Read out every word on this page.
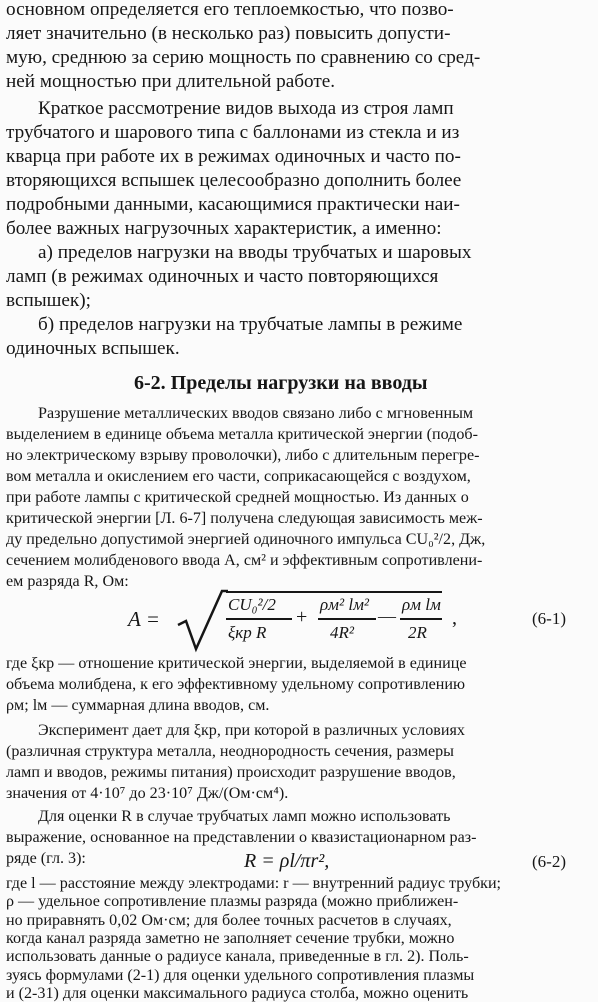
основном определяется его теплоемкостью, что позво-
ляет значительно (в несколько раз) повысить допусти-
мую, среднюю за серию мощность по сравнению со сред-
ней мощностью при длительной работе.
Краткое рассмотрение видов выхода из строя ламп
трубчатого и шарового типа с баллонами из стекла и из
кварца при работе их в режимах одиночных и часто по-
вторяющихся вспышек целесообразно дополнить более
подробными данными, касающимися практически наи-
более важных нагрузочных характеристик, а именно:
а) пределов нагрузки на вводы трубчатых и шаровых
ламп (в режимах одиночных и часто повторяющихся
вспышек);
б) пределов нагрузки на трубчатые лампы в режиме
одиночных вспышек.
6-2. Пределы нагрузки на вводы
Разрушение металлических вводов связано либо с мгновенным
выделением в единице объема металла критической энергии (подоб-
но электрическому взрыву проволочки), либо с длительным перегре-
вом металла и окислением его части, соприкасающейся с воздухом,
при работе лампы с критической средней мощностью. Из данных о
критической энергии [Л. 6-7] получена следующая зависимость меж-
ду предельно допустимой энергией одиночного импульса CU₀²/2, Дж,
сечением молибденового ввода A, см² и эффективным сопротивлени-
ем разряда R, Ом:
A =
CU₀²/2
ξкр R
+
ρм² lм²
4R²
—
ρм lм
2R
,	(6-1)
где ξкр — отношение критической энергии, выделяемой в единице
объема молибдена, к его эффективному удельному сопротивлению
ρм; lм — суммарная длина вводов, см.
Эксперимент дает для ξкр, при которой в различных условиях
(различная структура металла, неоднородность сечения, размеры
ламп и вводов, режимы питания) происходит разрушение вводов,
значения от 4·10⁷ до 23·10⁷ Дж/(Ом·см⁴).
Для оценки R в случае трубчатых ламп можно использовать
выражение, основанное на представлении о квазистационарном раз-
ряде (гл. 3):	R = ρl/πr²,	(6-2)
где l — расстояние между электродами: r — внутренний радиус трубки;
ρ — удельное сопротивление плазмы разряда (можно приближен-
но приравнять 0,02 Ом·см; для более точных расчетов в случаях,
когда канал разряда заметно не заполняет сечение трубки, можно
использовать данные о радиусе канала, приведенные в гл. 2). Поль-
зуясь формулами (2-1) для оценки удельного сопротивления плазмы
и (2-31) для оценки максимального радиуса столба, можно оценить
